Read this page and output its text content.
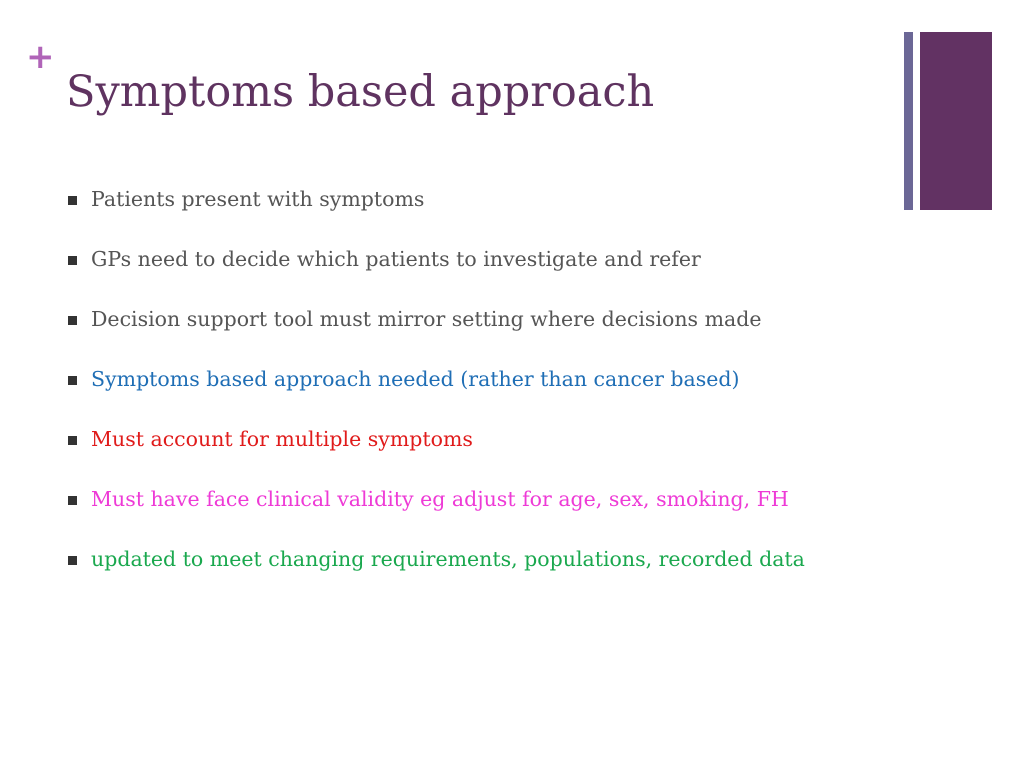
+
Symptoms based approach
Patients present with symptoms
GPs need to decide which patients to investigate and refer
Decision support tool must mirror setting where decisions made
Symptoms based approach needed (rather than cancer based)
Must account for multiple symptoms
Must have face clinical validity eg adjust for age, sex, smoking, FH
updated to meet changing requirements, populations, recorded data
